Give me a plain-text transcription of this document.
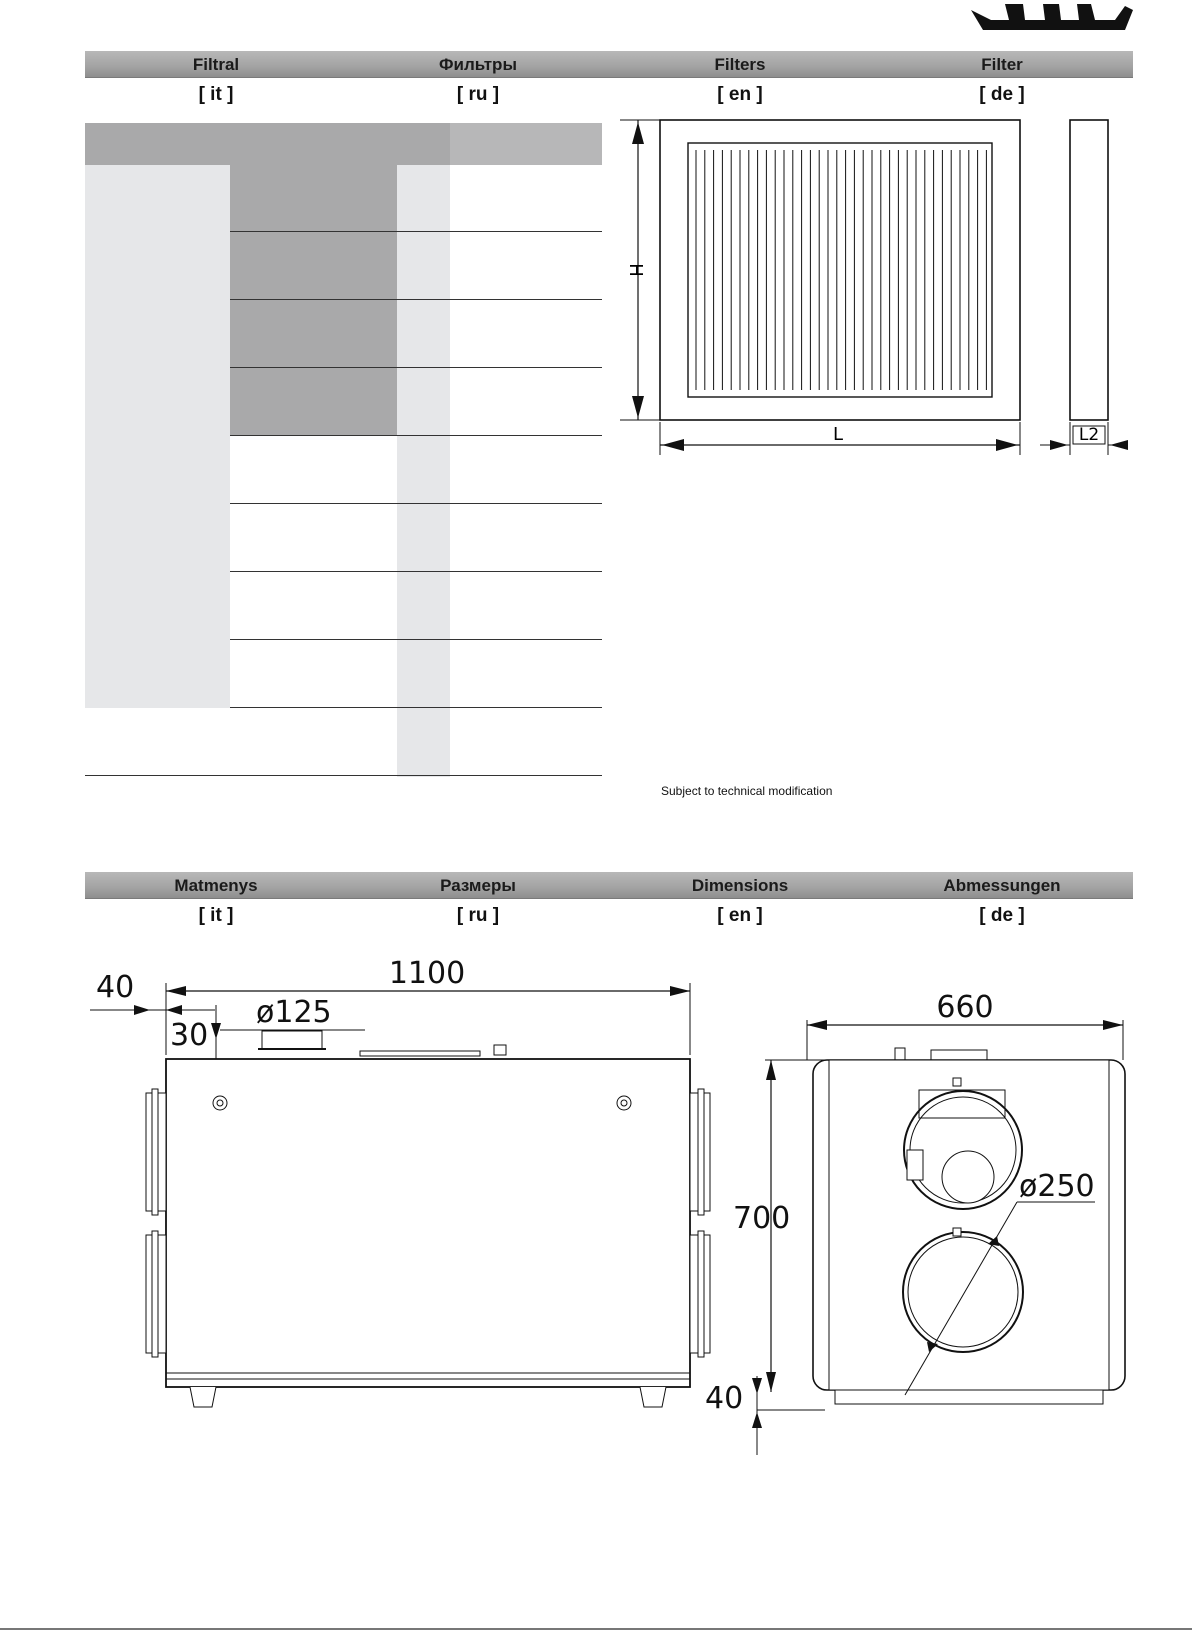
Filtral	Фильтры	Filters	Filter
[ it ]	[ ru ]	[ en ]	[ de ]
H
L	L2
Subject to technical modification
Matmenys	Размеры	Dimensions	Abmessungen
[ it ]	[ ru ]	[ en ]	[ de ]
1100
40
ø125
30
660
700
40
ø250
